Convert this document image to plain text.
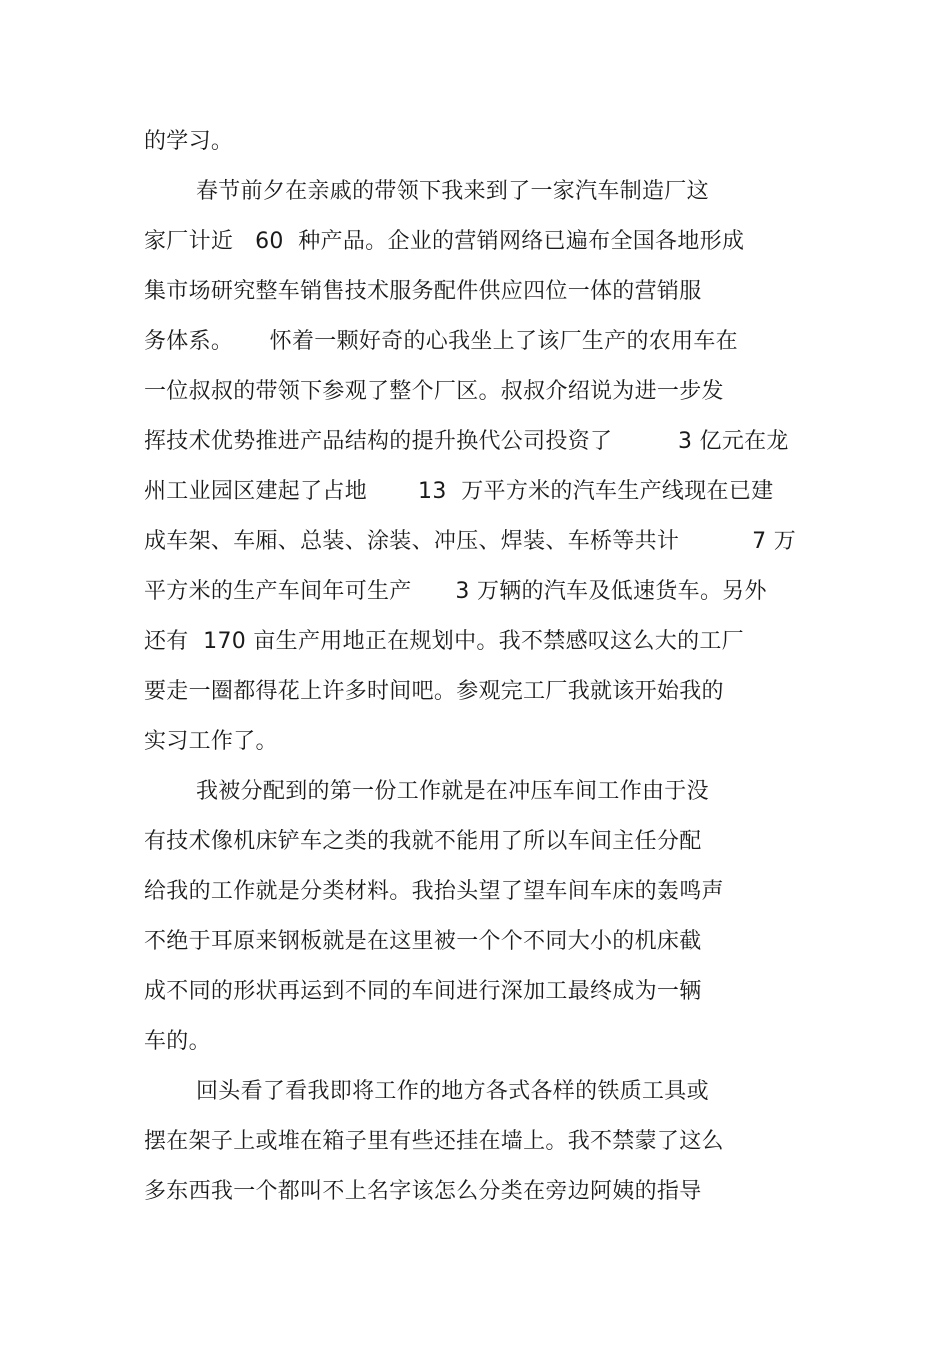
的学习。
春节前夕在亲戚的带领下我来到了一家汽车制造厂这
家厂计近   60  种产品。企业的营销网络已遍布全国各地形成
集市场研究整车销售技术服务配件供应四位一体的营销服
务体系。     怀着一颗好奇的心我坐上了该厂生产的农用车在
一位叔叔的带领下参观了整个厂区。叔叔介绍说为进一步发
挥技术优势推进产品结构的提升换代公司投资了         3 亿元在龙
州工业园区建起了占地       13  万平方米的汽车生产线现在已建
成车架、车厢、总装、涂装、冲压、焊装、车桥等共计          7 万
平方米的生产车间年可生产      3 万辆的汽车及低速货车。另外
还有  170 亩生产用地正在规划中。我不禁感叹这么大的工厂
要走一圈都得花上许多时间吧。参观完工厂我就该开始我的
实习工作了。
我被分配到的第一份工作就是在冲压车间工作由于没
有技术像机床铲车之类的我就不能用了所以车间主任分配
给我的工作就是分类材料。我抬头望了望车间车床的轰鸣声
不绝于耳原来钢板就是在这里被一个个不同大小的机床截
成不同的形状再运到不同的车间进行深加工最终成为一辆
车的。
回头看了看我即将工作的地方各式各样的铁质工具或
摆在架子上或堆在箱子里有些还挂在墙上。我不禁蒙了这么
多东西我一个都叫不上名字该怎么分类在旁边阿姨的指导
